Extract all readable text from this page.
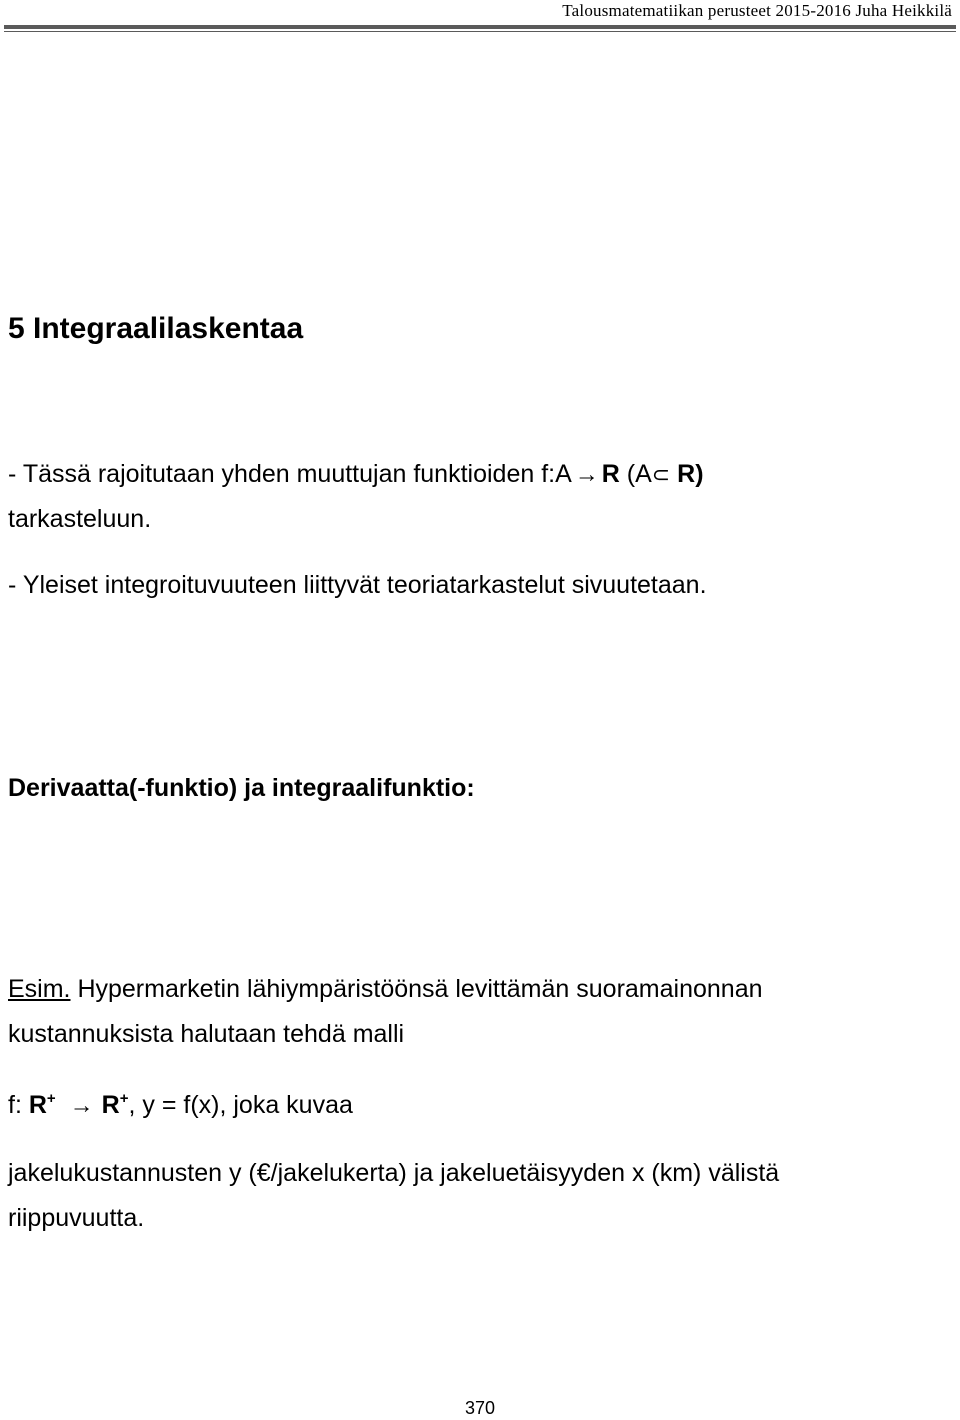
Talousmatematiikan perusteet 2015-2016 Juha Heikkilä
5 Integraalilaskentaa

- Tässä rajoitutaan yhden muuttujan funktioiden f:A → R (A⊂ R)

tarkasteluun.

- Yleiset integroituvuuteen liittyvät teoriatarkastelut sivuutetaan.

Derivaatta(-funktio) ja integraalifunktio:

Esim. Hypermarketin lähiympäristöönsä levittämän suoramainonnan

kustannuksista halutaan tehdä malli

f: R+ → R+, y = f(x), joka kuvaa

jakelukustannusten y (€/jakelukerta) ja jakeluetäisyyden x (km) välistä

riippuvuutta.

370
